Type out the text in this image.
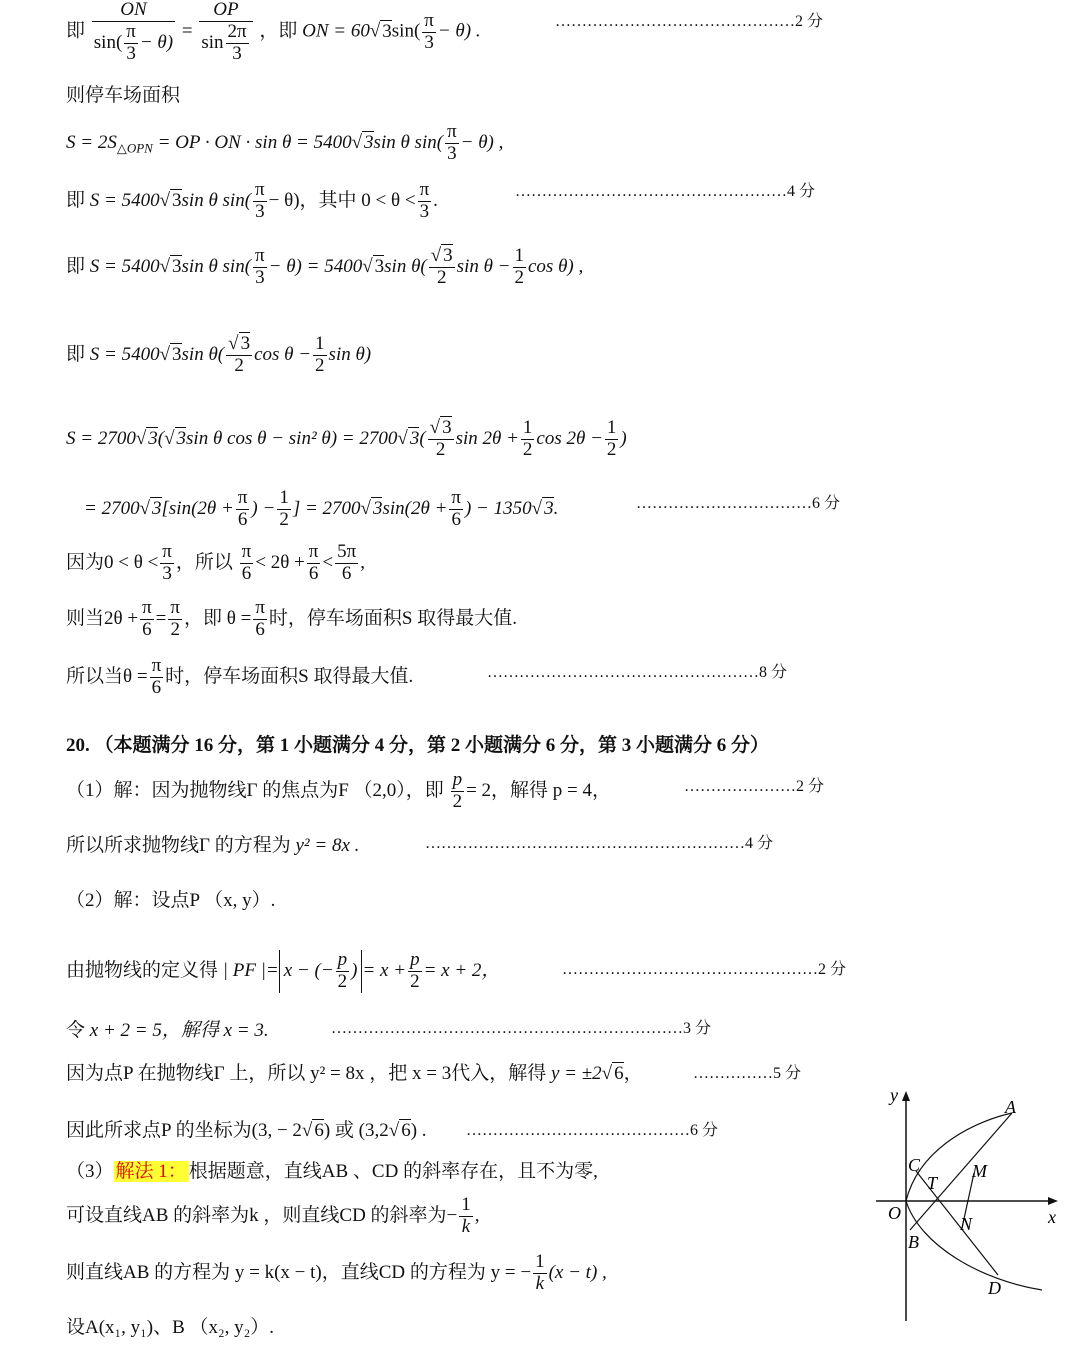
即 $\frac{ON}{\sin( \frac{\pi}{3} - \theta)} = \frac{OP}{\sin \frac{2\pi}{3}}$ ，即 ON = 60√ $3\sin( \frac{\pi}{3} - \theta)$ .	………………………………………2 分
则停车场面积
$S = 2S_{\triangle OPN}$ = OP · ON · sin θ = 5400√ 3sin θ $\sin( \frac{\pi}{3} - \theta)$ ,
即 S = 5400√ 3sin θ $\sin( \frac{\pi}{3} - \theta)$，其中 $0 < \theta < \frac{\pi}{3}$ .	……………………………………………4 分
即 S = 5400√ 3sin θ $\sin( \frac{\pi}{3} - \theta) = 5400√$ 3sin $\theta( \frac{√ 3}{2}$ $\sin \theta - \frac{1}{2}$ cos θ) ,
即 S = 5400√ 3sin $\theta( \frac{√ 3}{2}$ $\cos \theta - \frac{1}{2}$ sin θ)
S = 2700√ 3(√ 3sin θ cos θ − sin² θ) = 2700√ $3( \frac{√ 3}{2}$ $\sin 2\theta + \frac{1}{2}$ $\cos 2\theta - \frac{1}{2}$ )
= 2700√ $3[\sin(2\theta + \frac{\pi}{6}$ ) − $\frac{1}{2}$ ] = 2700√ $3\sin(2\theta + \frac{\pi}{6}$ ) − 1350√ 3.	……………………………6 分
因为$0 < \theta < \frac{\pi}{3}$ ，所以 $\frac{\pi}{6} < 2\theta + \frac{\pi}{6} < \frac{5\pi}{6}$ ,
则当$2\theta + \frac{\pi}{6} = \frac{\pi}{2}$ ，即 $\theta = \frac{\pi}{6}$ 时，停车场面积S 取得最大值.
所以当$\theta = \frac{\pi}{6}$ 时，停车场面积S 取得最大值.	……………………………………………8 分
20. （本题满分 16 分，第 1 小题满分 4 分，第 2 小题满分 6 分，第 3 小题满分 6 分）
（1）解：因为抛物线Γ 的焦点为F （2,0），即 $\frac{p}{2} = 2$，解得 p = 4，	…………………2 分
所以所求抛物线Γ 的方程为 y² = 8x .	……………………………………………………4 分
（2）解：设点P （x, y）.
由抛物线的定义得 | PF |= x − (− $\frac{p}{2}$ ) = $x + \frac{p}{2} = x + 2$，	…………………………………………2 分
令 x + 2 = 5，解得 x = 3.	…………………………………………………………3 分
因为点P 在抛物线Γ 上，所以 y² = 8x ，把 x = 3代入，解得 y = ±2√ 6，	……………5 分
因此所求点P 的坐标为(3, − 2√ 6) 或 (3,2√ 6) . ……………………………………6 分
（3） 解法 1： 根据题意，直线AB 、CD 的斜率存在，且不为零,
可设直线AB 的斜率为k ，则直线CD 的斜率为− $\frac{1}{k}$ ,
则直线AB 的方程为 y = k(x − t)，直线CD 的方程为 y = − $\frac{1}{k} (x - t)$ ,
设A(x₁, y₁)、B （x₂, y₂）.
y
x
O
A
B
C
D
T
M
N
